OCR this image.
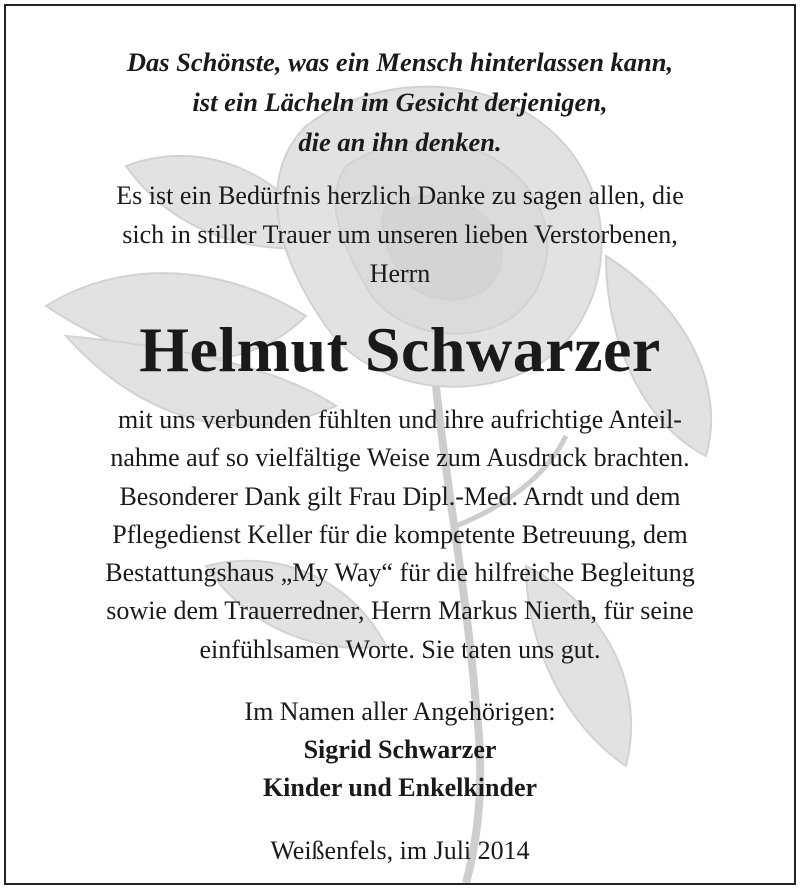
Das Schönste, was ein Mensch hinterlassen kann,
ist ein Lächeln im Gesicht derjenigen,
die an ihn denken.
Es ist ein Bedürfnis herzlich Danke zu sagen allen, die
sich in stiller Trauer um unseren lieben Verstorbenen,
Herrn
Helmut Schwarzer
mit uns verbunden fühlten und ihre aufrichtige Anteil-
nahme auf so vielfältige Weise zum Ausdruck brachten.
Besonderer Dank gilt Frau Dipl.-Med. Arndt und dem
Pflegedienst Keller für die kompetente Betreuung, dem
Bestattungshaus „My Way“ für die hilfreiche Begleitung
sowie dem Trauerredner, Herrn Markus Nierth, für seine
einfühlsamen Worte. Sie taten uns gut.
Im Namen aller Angehörigen:
Sigrid Schwarzer
Kinder und Enkelkinder
Weißenfels, im Juli 2014
